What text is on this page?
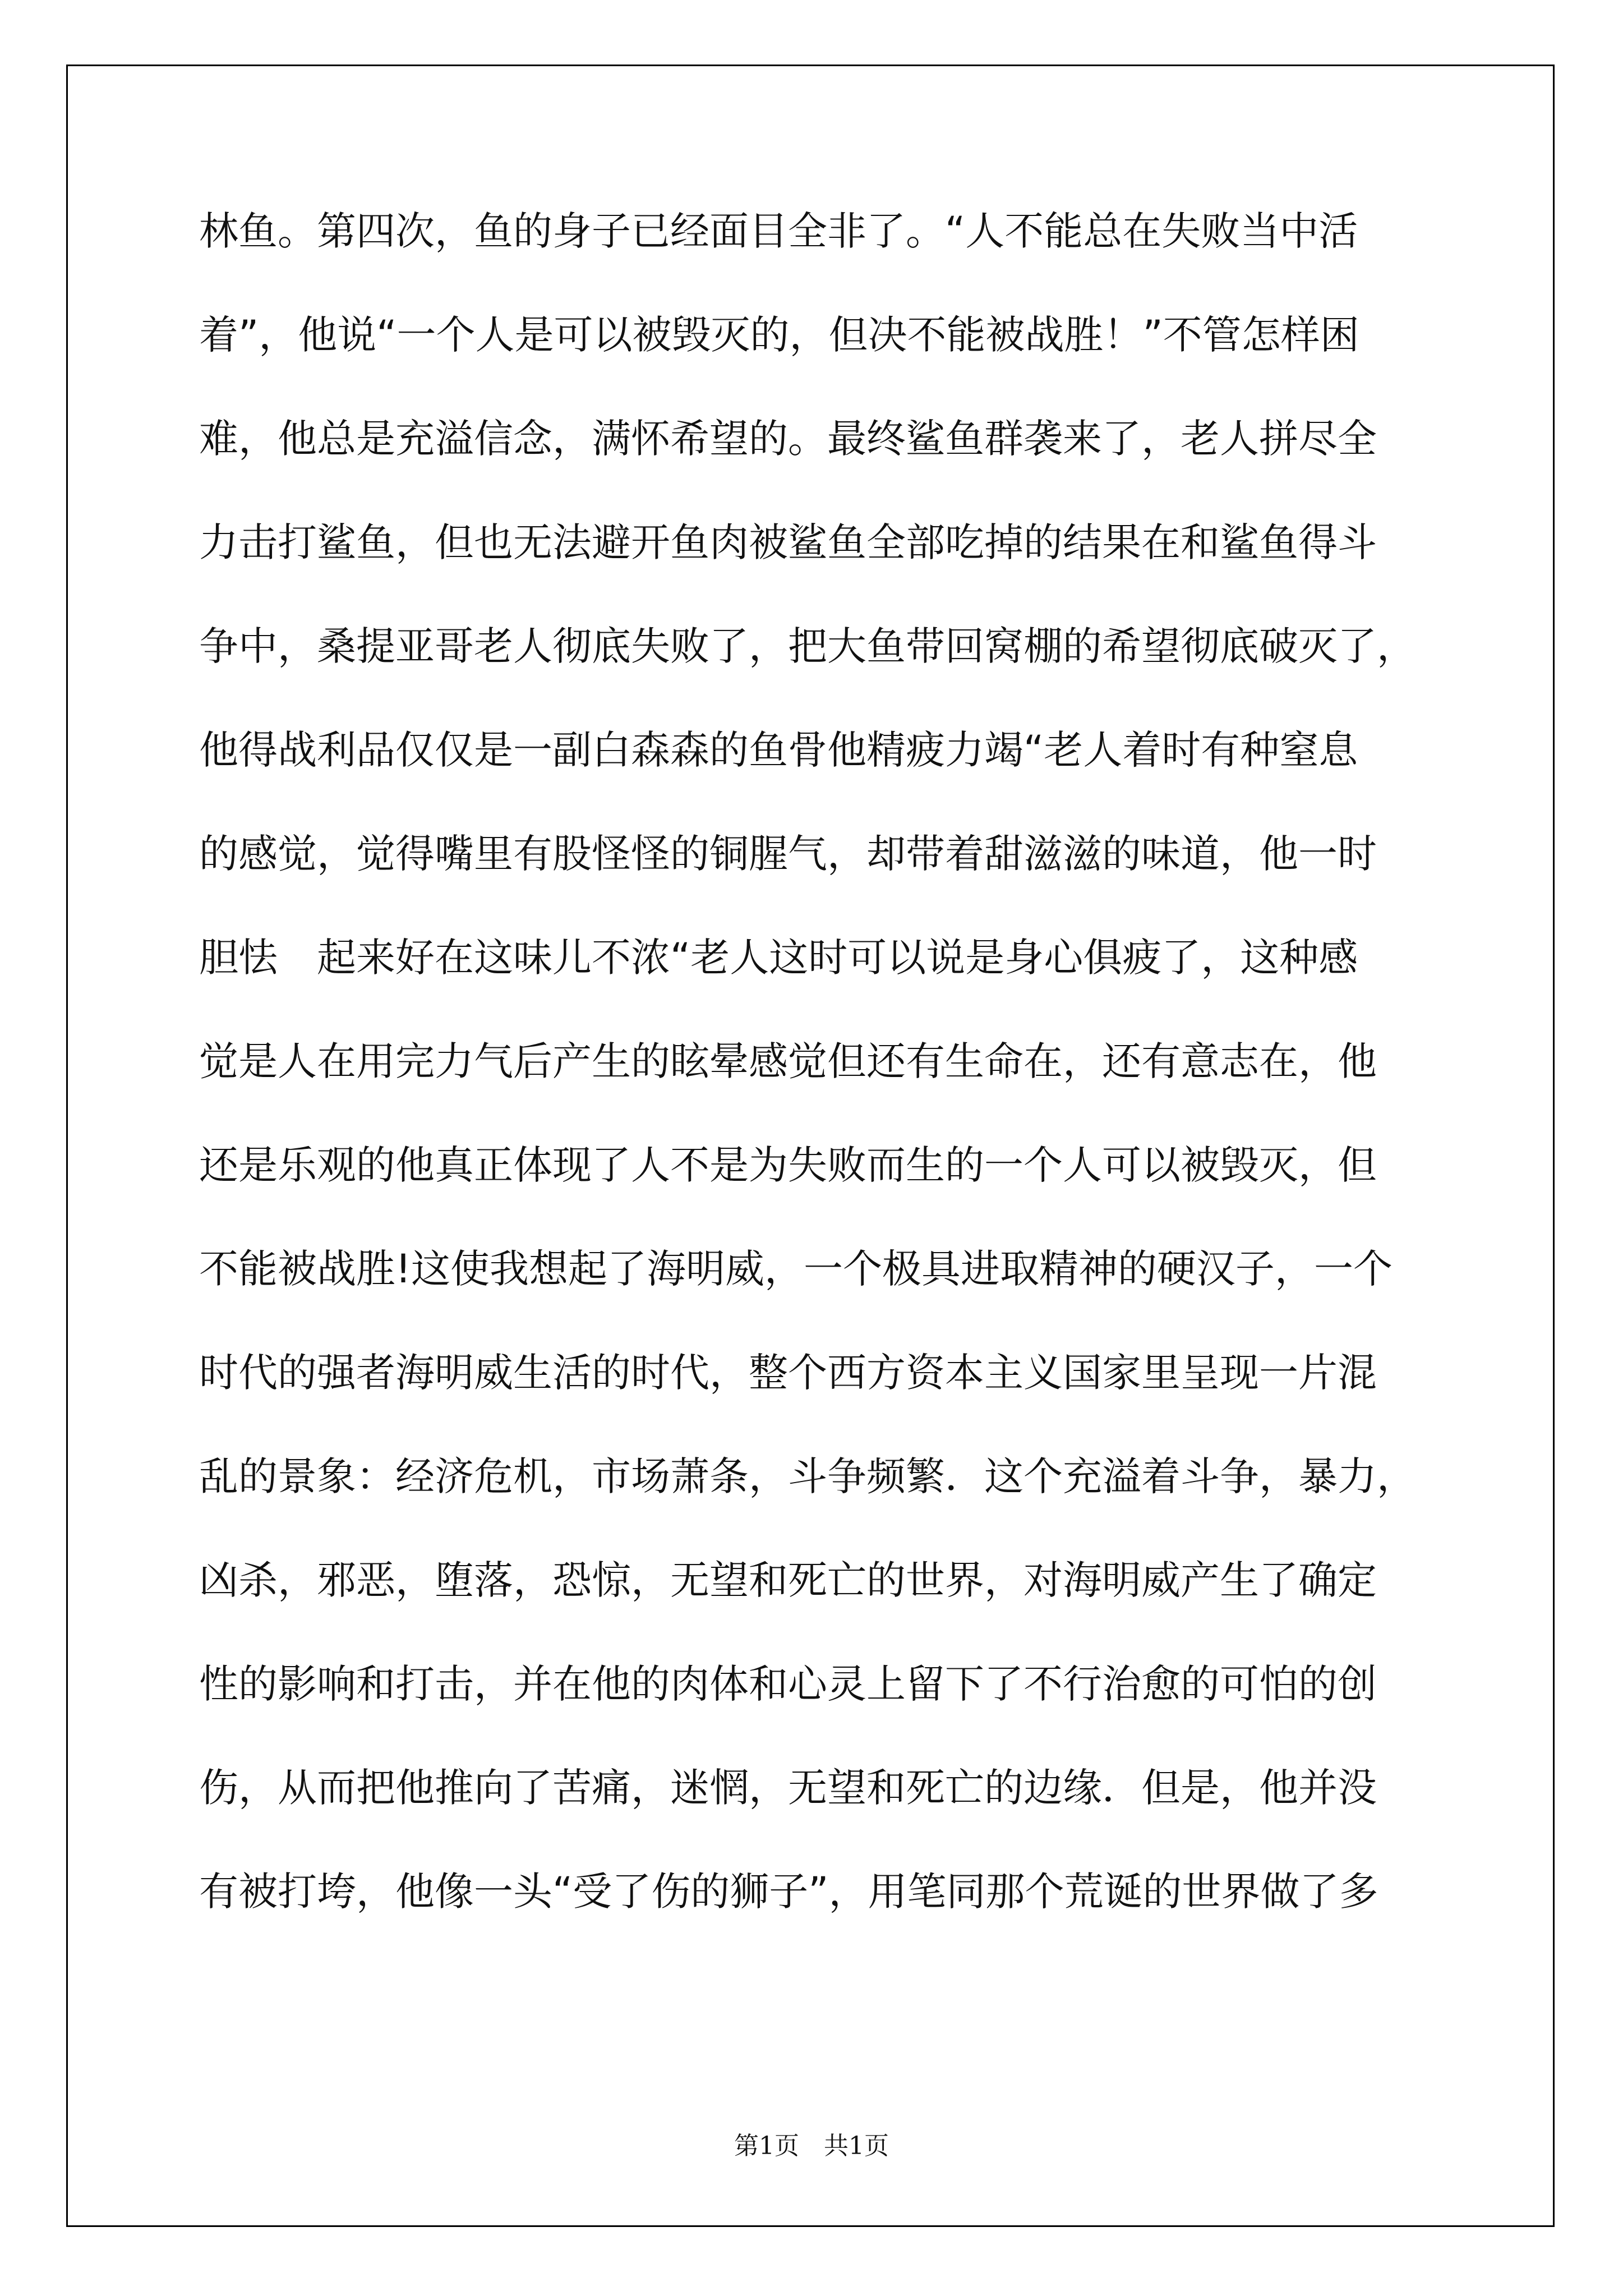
林鱼。第四次，鱼的身子已经面目全非了。“人不能总在失败当中活
着”，他说“一个人是可以被毁灭的，但决不能被战胜！”不管怎样困
难，他总是充溢信念，满怀希望的。最终鲨鱼群袭来了，老人拼尽全
力击打鲨鱼，但也无法避开鱼肉被鲨鱼全部吃掉的结果在和鲨鱼得斗
争中，桑提亚哥老人彻底失败了，把大鱼带回窝棚的希望彻底破灭了，
他得战利品仅仅是一副白森森的鱼骨他精疲力竭“老人着时有种窒息
的感觉，觉得嘴里有股怪怪的铜腥气，却带着甜滋滋的味道，他一时
胆怯　起来好在这味儿不浓“老人这时可以说是身心俱疲了，这种感
觉是人在用完力气后产生的眩晕感觉但还有生命在，还有意志在，他
还是乐观的他真正体现了人不是为失败而生的一个人可以被毁灭，但
不能被战胜!这使我想起了海明威，一个极具进取精神的硬汉子，一个
时代的强者海明威生活的时代，整个西方资本主义国家里呈现一片混
乱的景象：经济危机，市场萧条，斗争频繁．这个充溢着斗争，暴力，
凶杀，邪恶，堕落，恐惊，无望和死亡的世界，对海明威产生了确定
性的影响和打击，并在他的肉体和心灵上留下了不行治愈的可怕的创
伤，从而把他推向了苦痛，迷惘，无望和死亡的边缘．但是，他并没
有被打垮，他像一头“受了伤的狮子”，用笔同那个荒诞的世界做了多
第1页　共1页
